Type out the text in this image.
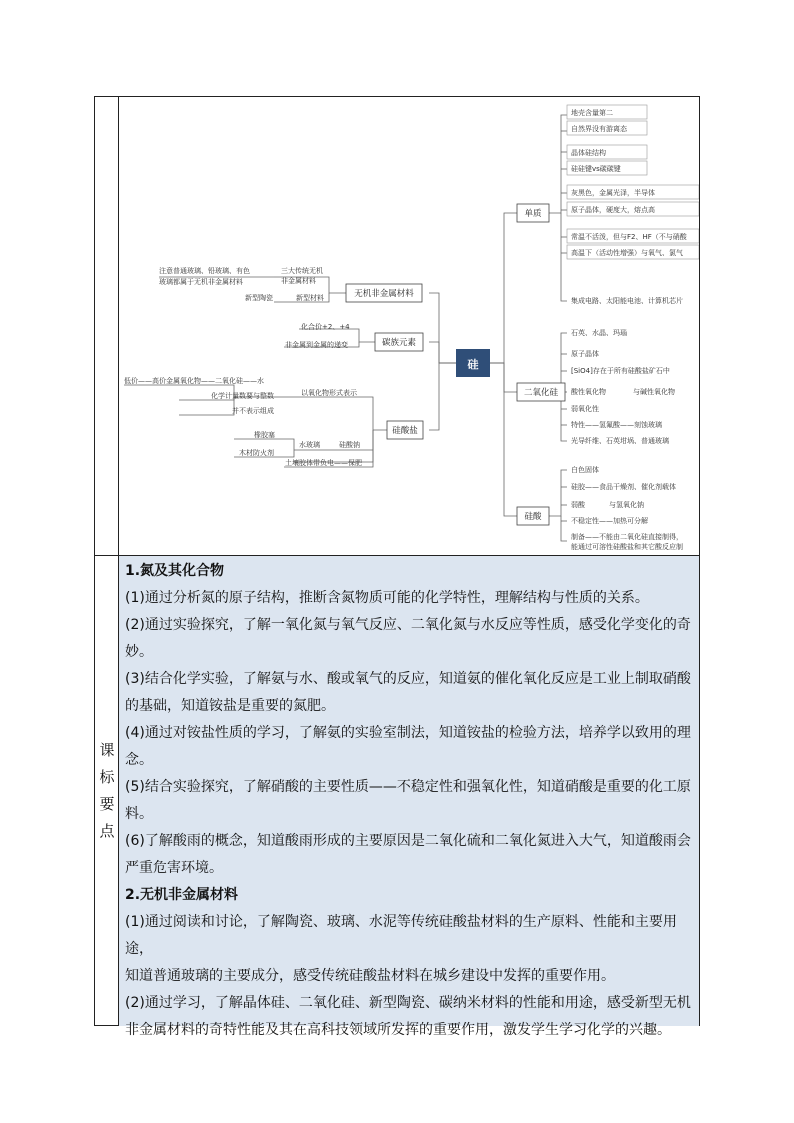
课
标
要
点
硅
单质
二氧化硅
硅酸
无机非金属材料
碳族元素
硅酸盐
地壳含量第二
自然界没有游离态
晶体硅结构
硅硅键vs碳碳键
灰黑色，金属光泽，半导体
原子晶体，硬度大，熔点高
常温不活泼，但与F2、HF（不与硝酸
高温下（活动性增强）与氧气、氯气
集成电路、太阳能电池、计算机芯片
石英、水晶、玛瑙
原子晶体
[SiO4]存在于所有硅酸盐矿石中
酸性氧化物	与碱性氧化物
弱氧化性
特性——氢氟酸——刻蚀玻璃
光导纤维、石英坩埚、普通玻璃
白色固体
硅胶——食品干燥剂、催化剂载体
弱酸	与氢氧化钠
不稳定性——加热可分解
制备——不能由二氧化硅直接制得，
能通过可溶性硅酸盐和其它酸反应制
注意普通玻璃、铅玻璃、有色
玻璃都属于无机非金属材料
三大传统无机
非金属材料
新型陶瓷	新型材料
化合价+2、+4
非金属到金属的递变
低价——高价金属氧化物——二氧化硅——水
以氧化物形式表示
化学计量数要与整数
并不表示组成
橡胶塞
木材防火剂
水玻璃	硅酸钠
土壤胶体带负电——保肥

1.氮及其化合物

(1)通过分析氮的原子结构，推断含氮物质可能的化学特性，理解结构与性质的关系。

(2)通过实验探究，了解一氧化氮与氧气反应、二氧化氮与水反应等性质，感受化学变化的奇

妙。

(3)结合化学实验，了解氨与水、酸或氧气的反应，知道氨的催化氧化反应是工业上制取硝酸

的基础，知道铵盐是重要的氮肥。

(4)通过对铵盐性质的学习，了解氨的实验室制法，知道铵盐的检验方法，培养学以致用的理

念。

(5)结合实验探究，了解硝酸的主要性质——不稳定性和强氧化性，知道硝酸是重要的化工原

料。

(6)了解酸雨的概念，知道酸雨形成的主要原因是二氧化硫和二氧化氮进入大气，知道酸雨会

严重危害环境。

2.无机非金属材料

(1)通过阅读和讨论，了解陶瓷、玻璃、水泥等传统硅酸盐材料的生产原料、性能和主要用途，

知道普通玻璃的主要成分，感受传统硅酸盐材料在城乡建设中发挥的重要作用。

(2)通过学习，了解晶体硅、二氧化硅、新型陶瓷、碳纳米材料的性能和用途，感受新型无机

非金属材料的奇特性能及其在高科技领域所发挥的重要作用，激发学生学习化学的兴趣。
